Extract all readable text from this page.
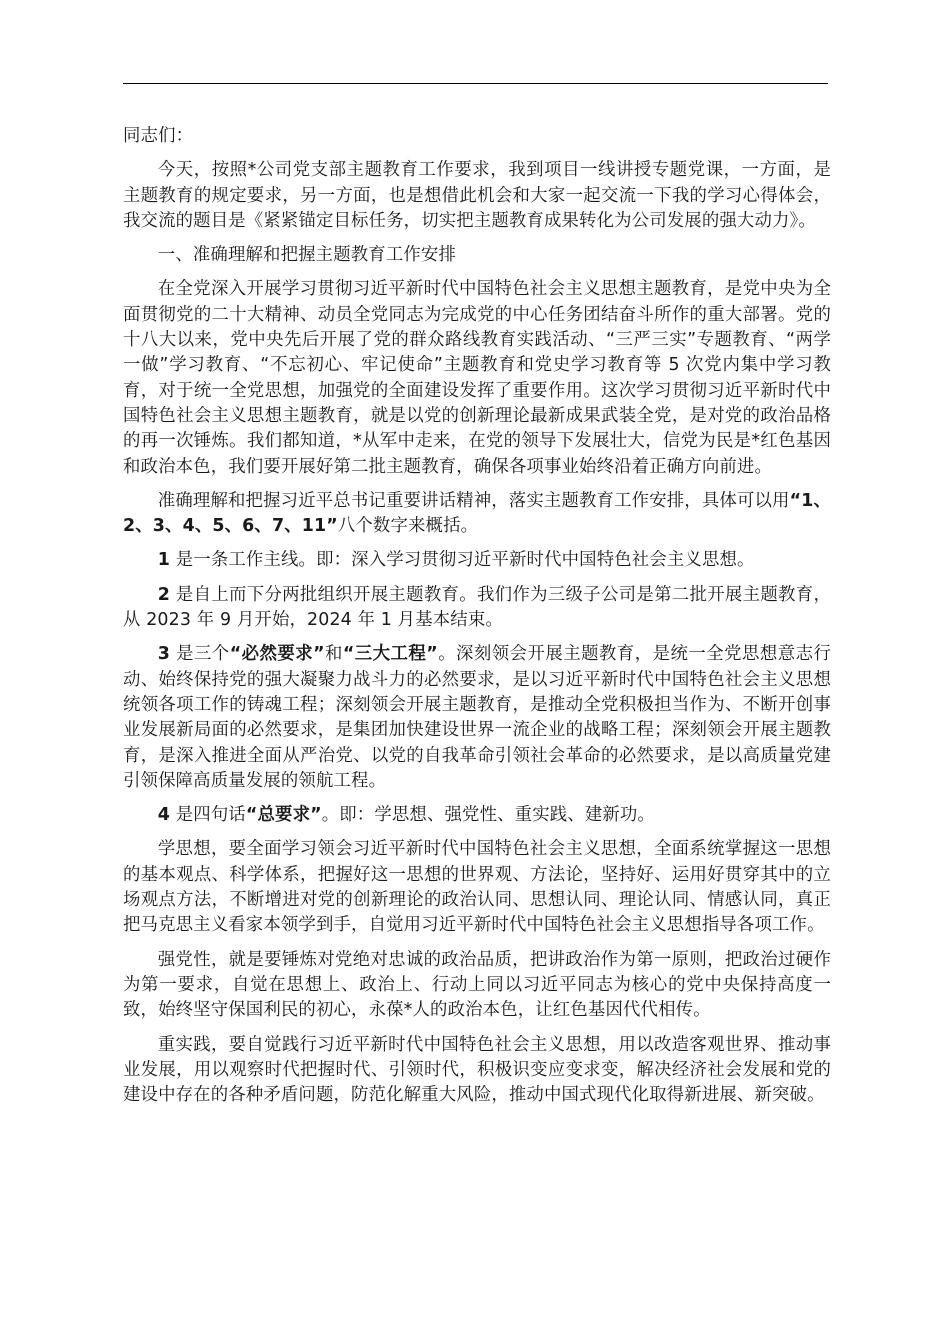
同志们：

今天，按照*公司党支部主题教育工作要求，我到项目一线讲授专题党课，一方面，是主题教育的规定要求，另一方面，也是想借此机会和大家一起交流一下我的学习心得体会，我交流的题目是《紧紧锚定目标任务，切实把主题教育成果转化为公司发展的强大动力》。

一、准确理解和把握主题教育工作安排

在全党深入开展学习贯彻习近平新时代中国特色社会主义思想主题教育，是党中央为全面贯彻党的二十大精神、动员全党同志为完成党的中心任务团结奋斗所作的重大部署。党的十八大以来，党中央先后开展了党的群众路线教育实践活动、“三严三实”专题教育、“两学一做”学习教育、“不忘初心、牢记使命”主题教育和党史学习教育等 5 次党内集中学习教育，对于统一全党思想，加强党的全面建设发挥了重要作用。这次学习贯彻习近平新时代中国特色社会主义思想主题教育，就是以党的创新理论最新成果武装全党，是对党的政治品格的再一次锤炼。我们都知道，*从军中走来，在党的领导下发展壮大，信党为民是*红色基因和政治本色，我们要开展好第二批主题教育，确保各项事业始终沿着正确方向前进。

准确理解和把握习近平总书记重要讲话精神，落实主题教育工作安排，具体可以用“1、2、3、4、5、6、7、11”八个数字来概括。

1 是一条工作主线。即：深入学习贯彻习近平新时代中国特色社会主义思想。

2 是自上而下分两批组织开展主题教育。我们作为三级子公司是第二批开展主题教育，从 2023 年 9 月开始，2024 年 1 月基本结束。

3 是三个“必然要求”和“三大工程”。深刻领会开展主题教育，是统一全党思想意志行动、始终保持党的强大凝聚力战斗力的必然要求，是以习近平新时代中国特色社会主义思想统领各项工作的铸魂工程；深刻领会开展主题教育，是推动全党积极担当作为、不断开创事业发展新局面的必然要求，是集团加快建设世界一流企业的战略工程；深刻领会开展主题教育，是深入推进全面从严治党、以党的自我革命引领社会革命的必然要求，是以高质量党建引领保障高质量发展的领航工程。

4 是四句话“总要求”。即：学思想、强党性、重实践、建新功。

学思想，要全面学习领会习近平新时代中国特色社会主义思想，全面系统掌握这一思想的基本观点、科学体系，把握好这一思想的世界观、方法论，坚持好、运用好贯穿其中的立场观点方法，不断增进对党的创新理论的政治认同、思想认同、理论认同、情感认同，真正把马克思主义看家本领学到手，自觉用习近平新时代中国特色社会主义思想指导各项工作。

强党性，就是要锤炼对党绝对忠诚的政治品质，把讲政治作为第一原则，把政治过硬作为第一要求，自觉在思想上、政治上、行动上同以习近平同志为核心的党中央保持高度一致，始终坚守保国利民的初心，永葆*人的政治本色，让红色基因代代相传。

重实践，要自觉践行习近平新时代中国特色社会主义思想，用以改造客观世界、推动事业发展，用以观察时代把握时代、引领时代，积极识变应变求变，解决经济社会发展和党的建设中存在的各种矛盾问题，防范化解重大风险，推动中国式现代化取得新进展、新突破。
